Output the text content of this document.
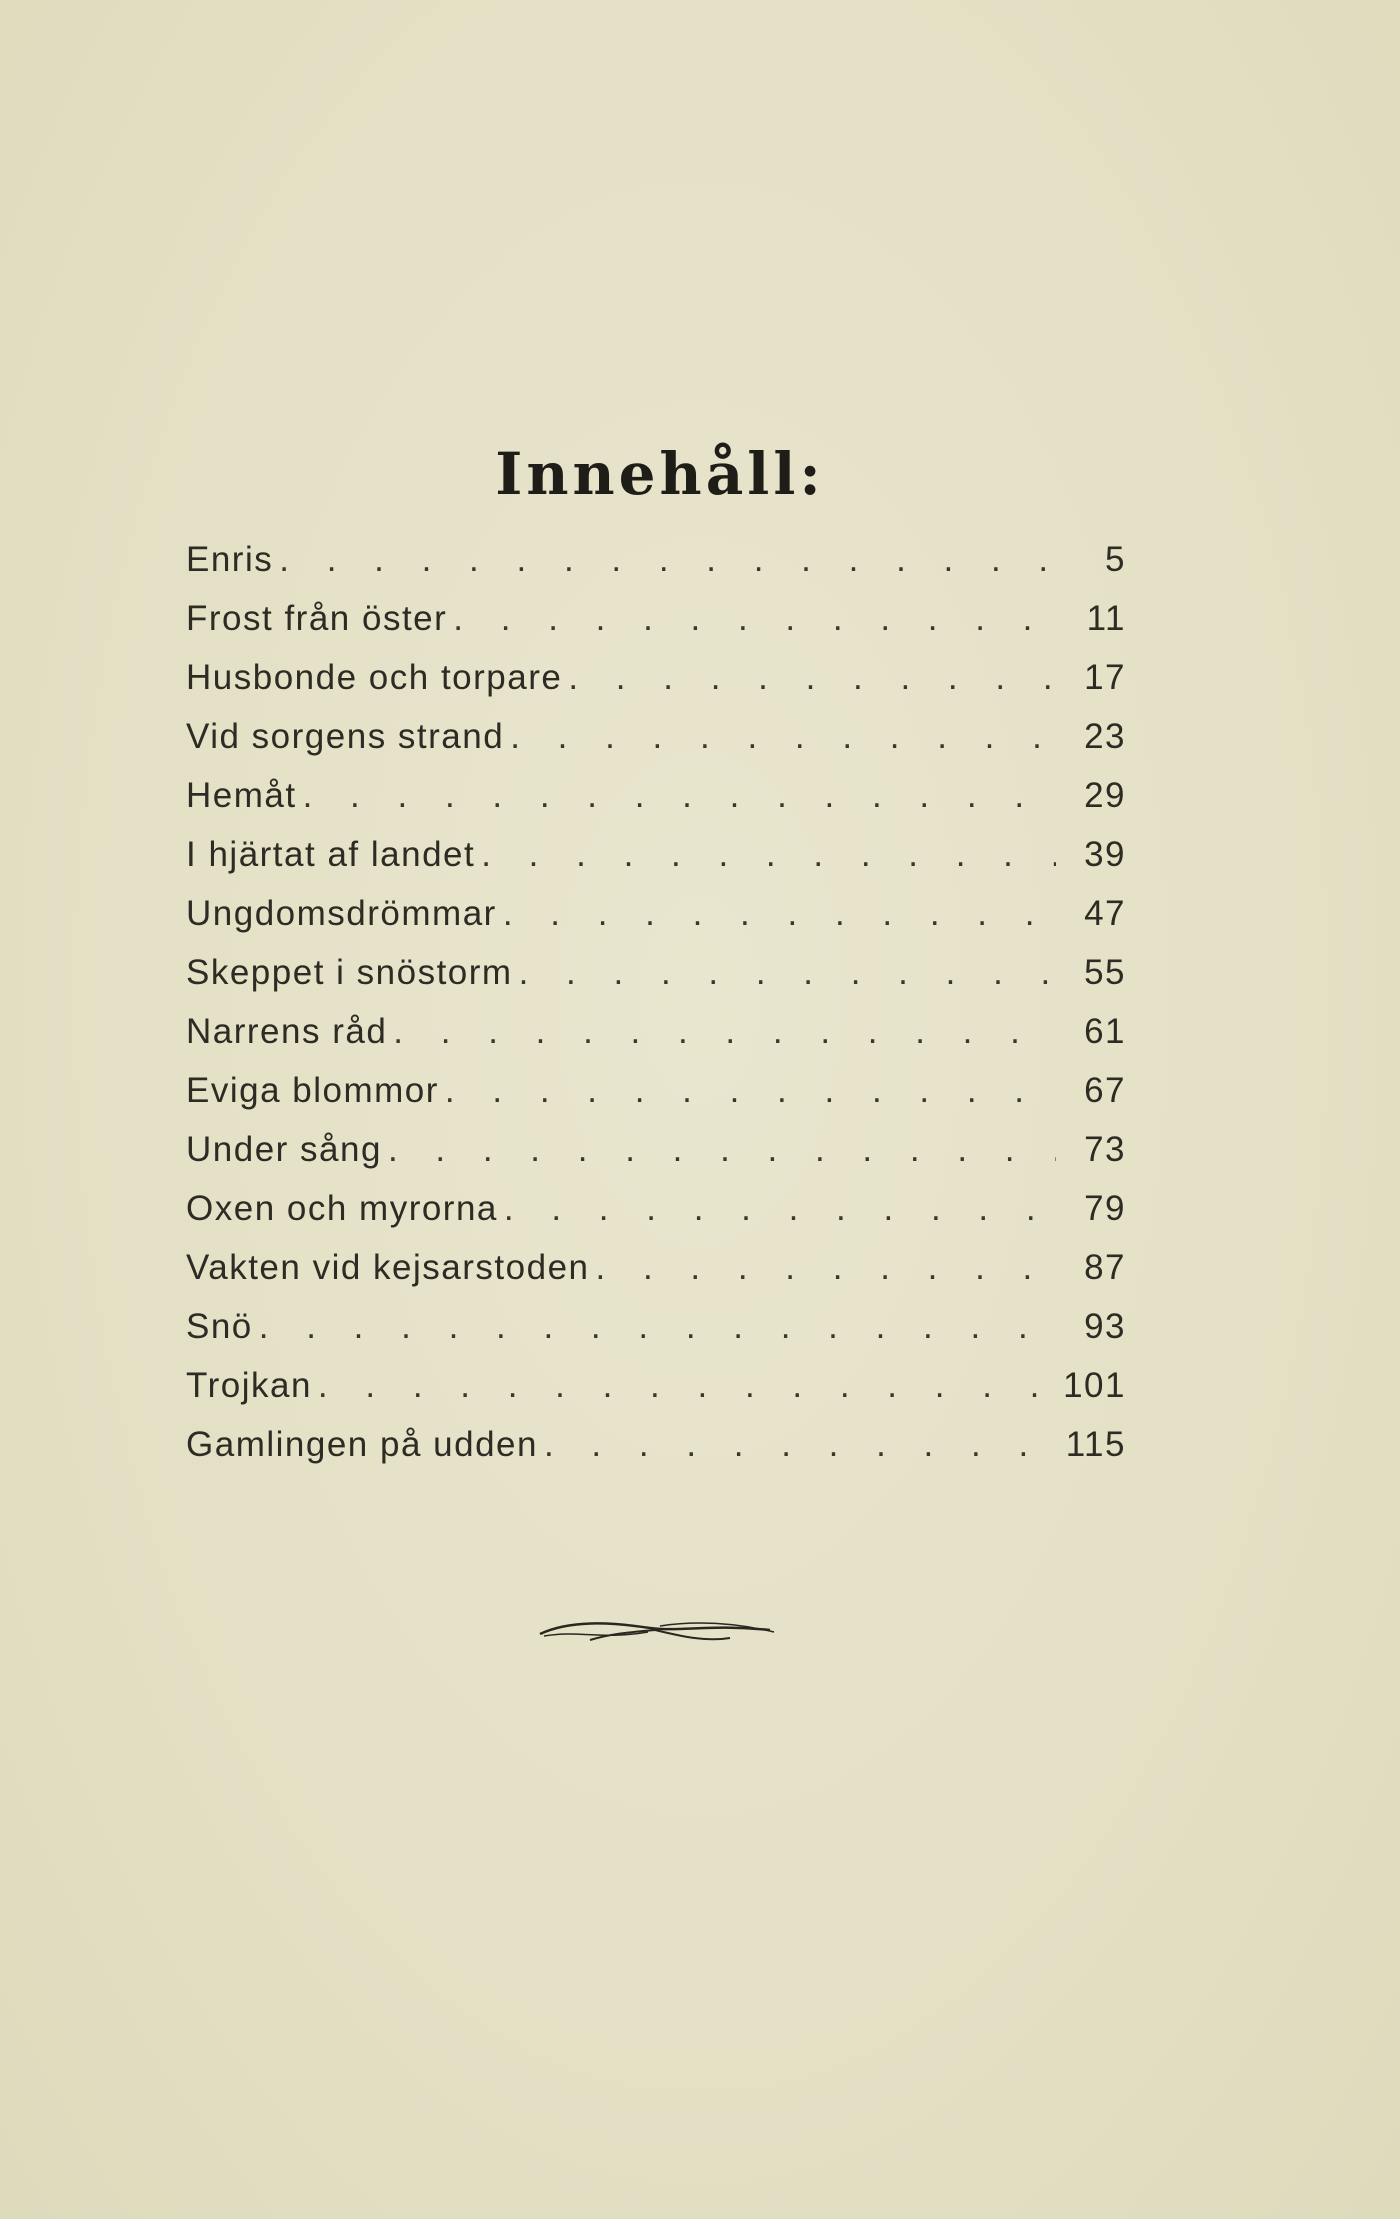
Innehåll:
Enris . . .	5
Frost från öster . . .	11
Husbonde och torpare . . .	17
Vid sorgens strand . . .	23
Hemåt . . .	29
I hjärtat af landet . . .	39
Ungdomsdrömmar . . .	47
Skeppet i snöstorm . . .	55
Narrens råd . . .	61
Eviga blommor . . .	67
Under sång . . .	73
Oxen och myrorna . . .	79
Vakten vid kejsarstoden . . .	87
Snö . . .	93
Trojkan . . .	101
Gamlingen på udden . . .	115
